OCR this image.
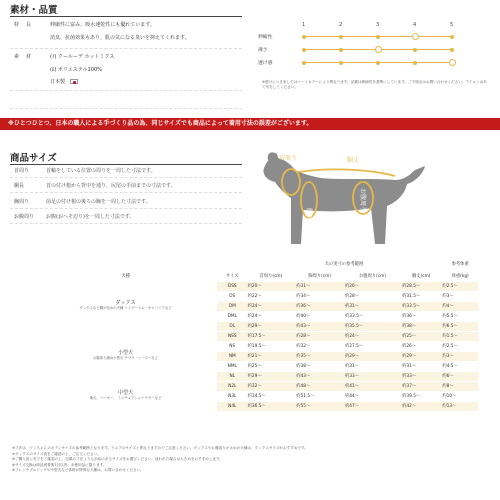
素材・品質
特長	伸縮性に富み、吸水速乾性にも優れています。
消臭、抗菌効果もあり、肌の気になる臭いを抑えてくれます。
素材	(ｲ) クールーデ ホットミクス
(ﾛ) ポリエステル100%
日本製
1	2	3	4	5
伸縮性
薄さ
透け感
※透けにつきましてはコートカラーにより異なります。記載は伸縮性を基準にしています。ご不明点はお問い合わせください。アイロンはあて布をしてください。
※ひとつひとつ、日本の職人による手づくり品の為、同じサイズでも商品によって着用寸法の誤差がございます。
商品サイズ
首周り	首輪をしている位置の周りを一周した寸法です。
胴長	首の付け根から背中を通り、尻尾の手前までの寸法です。
胸周り	前足の付け根の後ろの胸を一周した寸法です。
お腹周り	お腹(おへそ辺り)を一周した寸法です。
首周り	胴丈
胸周り
お腹周り
		犬の実寸の参考範囲				参考体重
犬種	サイズ	首周り(cm)	胸周り(cm)	お腹周り(cm)	胴丈(cm)	体重(kg)

ダックス
ダックスなど胴が長めの犬種 トイプードル・キャバリアなど	DSS	約20〜	約31〜	約26〜	約28.5〜	約2.5〜
	DS	約22〜	約34〜	約28〜	約31.5〜	約3〜
	DM	約24〜	約36〜	約31〜	約33.5〜	約4〜
	DML	約24〜	約40〜	約33.5〜	約36〜	約5.5〜
	DL	約29〜	約43〜	約35.5〜	約38〜	約6.5〜

小型犬
お腹周り細め小型犬 チワワ・シーズーなど	NSS	約17.5〜	約28〜	約24〜	約25〜	約1.5〜
	NS	約19.5〜	約32〜	約27.5〜	約26〜	約2.5〜
	NM	約21〜	約35〜	約29〜	約29〜	約3〜
	NML	約25〜	約38〜	約31〜	約31〜	約4.5〜
	NL	約29〜	約43〜	約33〜	約33〜	約6〜

中型犬
柴犬、コーギー、 ミニチュアシュナウザーなど	N2L	約32〜	約48〜	約41〜	約37〜	約8〜
	N3L	約34.5〜	約51.5〜	約44〜	約39.5〜	約10〜
	N4L	約36.5〜	約55〜	約47〜	約42〜	約13〜
※寸法は、ワンちゃんのボディサイズの参考範囲となります。ウエアのサイズと異なりますのでご注意ください。ダックスやお腹周りが太めの犬種は、ダックスサイズがおすすめです。
※ダックスのサイズ表をご確認の上、ご注文ください。
※ご購入前に実寸をご確認の上、記載の寸法よりも余裕のあるサイズをお選びください。迷われた場合は大きめをおすすめします。
※サイズ交換は商品到着後7日以内、未使用品に限ります。
※フレンチブルドッグや中型犬など体格が特殊な犬種は、お問い合わせください。
